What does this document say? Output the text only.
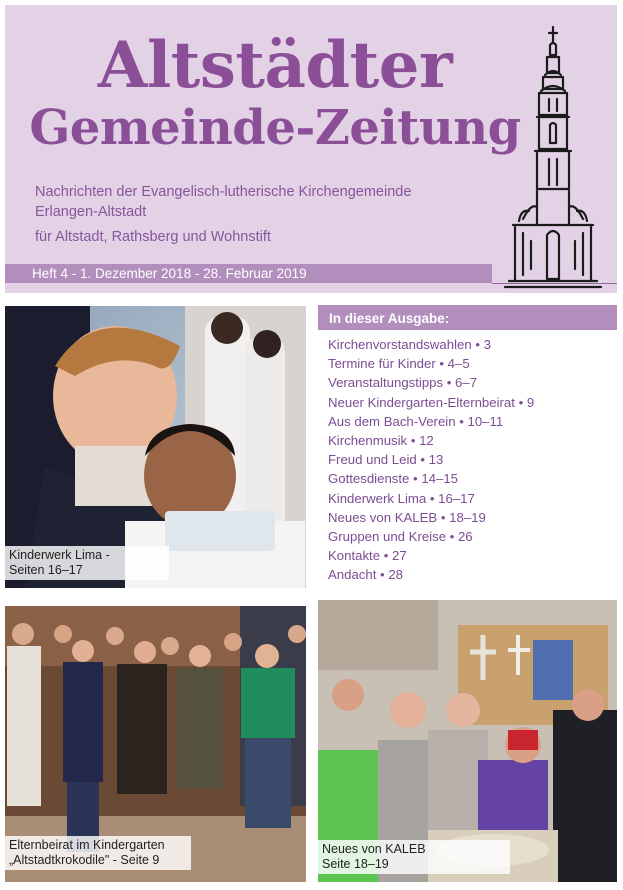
Altstädter
Gemeinde-Zeitung
Nachrichten der Evangelisch-lutherische Kirchengemeinde
Erlangen-Altstadt
für Altstadt, Rathsberg und Wohnstift
Heft 4 - 1. Dezember 2018 - 28. Februar 2019
Kinderwerk Lima -
Seiten 16–17
In dieser Ausgabe:
Kirchenvorstandswahlen • 3
Termine für Kinder • 4–5
Veranstaltungstipps • 6–7
Neuer Kindergarten-Elternbeirat • 9
Aus dem Bach-Verein • 10–11
Kirchenmusik • 12
Freud und Leid • 13
Gottesdienste • 14–15
Kinderwerk Lima • 16–17
Neues von KALEB • 18–19
Gruppen und Kreise • 26
Kontakte • 27
Andacht • 28
Elternbeirat im Kindergarten
„Altstadtkrokodile" - Seite 9
Neues von KALEB
Seite 18–19
